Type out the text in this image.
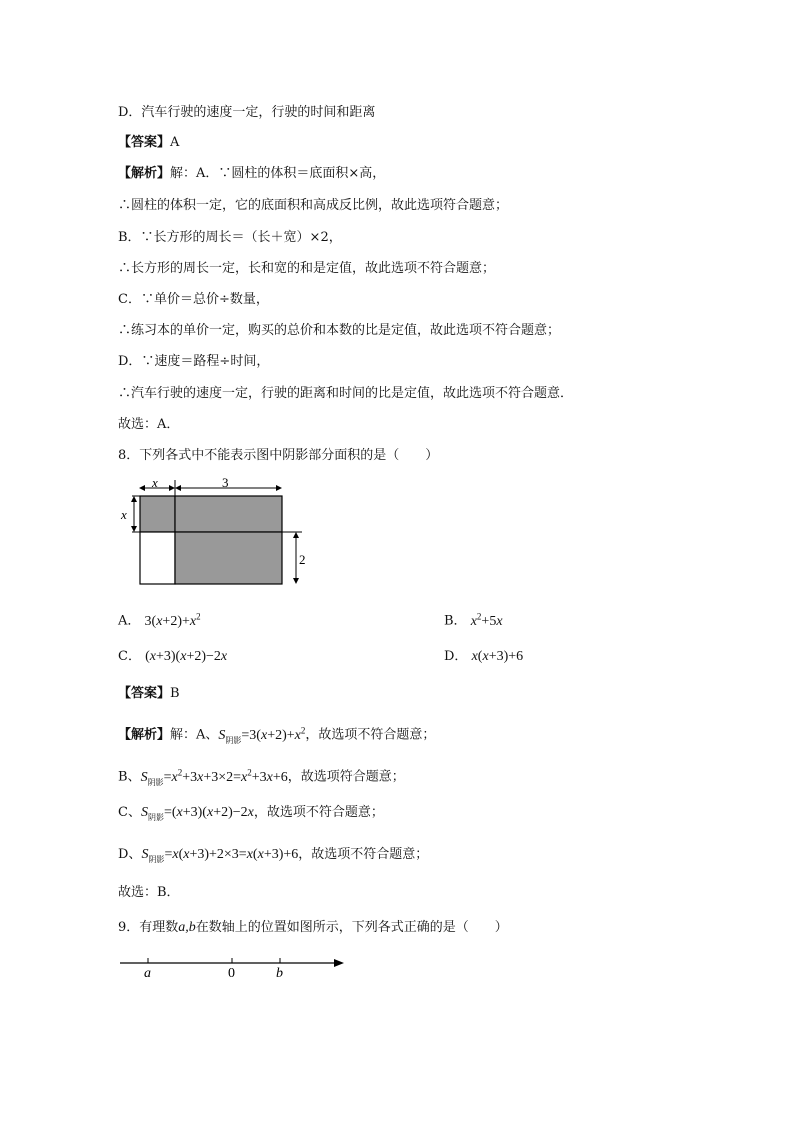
D．汽车行驶的速度一定，行驶的时间和距离
【答案】A
【解析】解：A．∵圆柱的体积＝底面积×高，
∴圆柱的体积一定，它的底面积和高成反比例，故此选项符合题意；
B．∵长方形的周长＝（长＋宽）×2，
∴长方形的周长一定，长和宽的和是定值，故此选项不符合题意；
C．∵单价＝总价÷数量，
∴练习本的单价一定，购买的总价和本数的比是定值，故此选项不符合题意；
D．∵速度＝路程÷时间，
∴汽车行驶的速度一定，行驶的距离和时间的比是定值，故此选项不符合题意．
故选：A．
8．下列各式中不能表示图中阴影部分面积的是（　　）
x	3
x
2
A． $3(x+2)+x^2$	B． $x^2+5x$
C． (x+3)(x+2)−2x	D． x(x+3)+6
【答案】B
【解析】解：A、$S_{阴影}=3(x+2)+x^2$，故选项不符合题意；
B、$S_{阴影}=x^2+3x+3\times 2=x^2+3x+6$，故选项符合题意；
C、$S_{阴影}=(x+3)(x+2)-2x$，故选项不符合题意；
D、$S_{阴影}=x(x+3)+2\times 3=x(x+3)+6$，故选项不符合题意；
故选：B．
9．有理数a,b在数轴上的位置如图所示，下列各式正确的是（　　）
a	0	b
